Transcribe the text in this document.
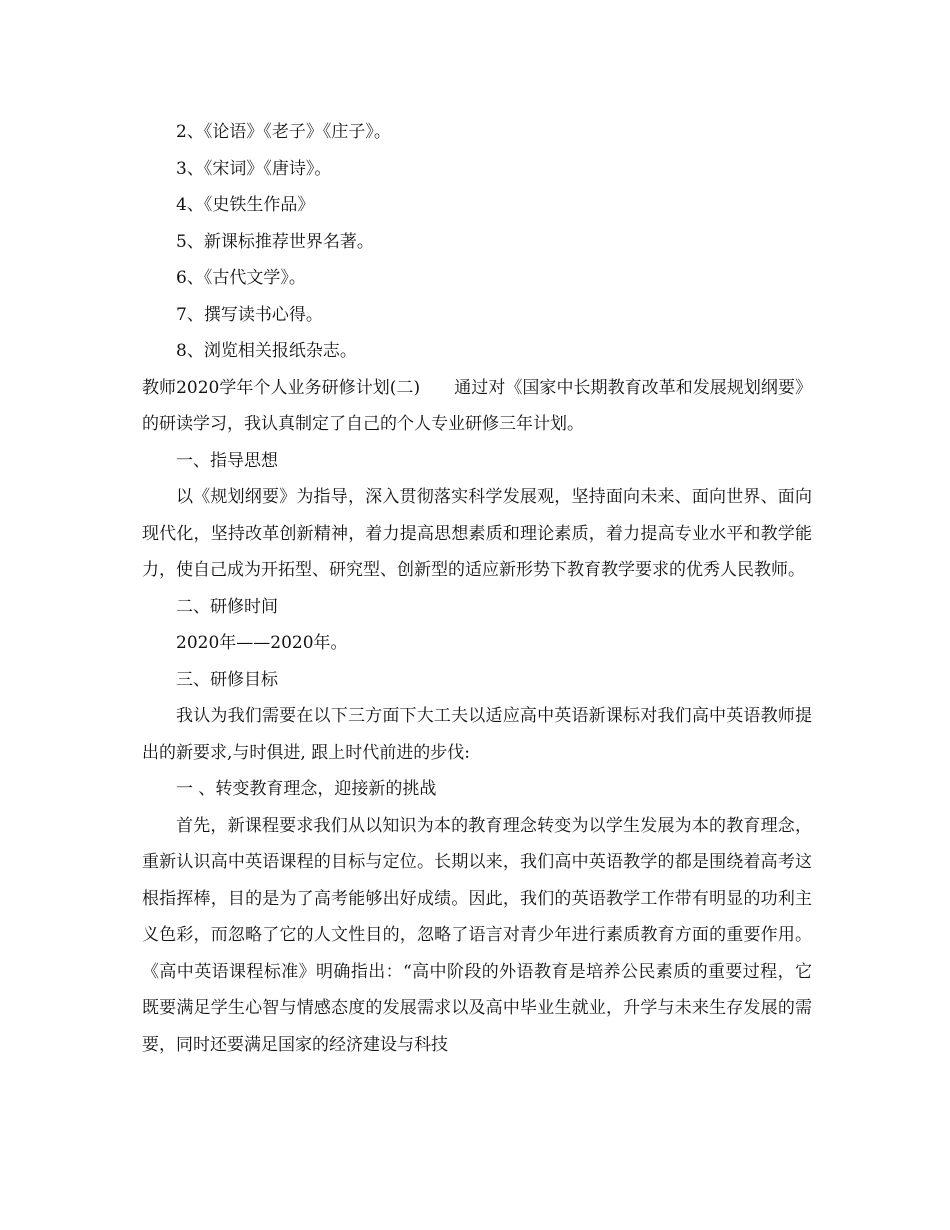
2、《论语》《老子》《庄子》。

3、《宋词》《唐诗》。

4、《史铁生作品》

5、新课标推荐世界名著。

6、《古代文学》。

7、撰写读书心得。

8、浏览相关报纸杂志。

教师2020学年个人业务研修计划(二)　　通过对《国家中长期教育改革和发展规划纲要》的研读学习，我认真制定了自己的个人专业研修三年计划。

一、指导思想

以《规划纲要》为指导，深入贯彻落实科学发展观，坚持面向未来、面向世界、面向现代化，坚持改革创新精神，着力提高思想素质和理论素质，着力提高专业水平和教学能力，使自己成为开拓型、研究型、创新型的适应新形势下教育教学要求的优秀人民教师。

二、研修时间

2020年——2020年。

三、研修目标

我认为我们需要在以下三方面下大工夫以适应高中英语新课标对我们高中英语教师提出的新要求,与时俱进, 跟上时代前进的步伐:

一 、转变教育理念，迎接新的挑战

首先，新课程要求我们从以知识为本的教育理念转变为以学生发展为本的教育理念，重新认识高中英语课程的目标与定位。长期以来，我们高中英语教学的都是围绕着高考这根指挥棒，目的是为了高考能够出好成绩。因此，我们的英语教学工作带有明显的功利主义色彩，而忽略了它的人文性目的，忽略了语言对青少年进行素质教育方面的重要作用。《高中英语课程标准》明确指出：“高中阶段的外语教育是培养公民素质的重要过程，它既要满足学生心智与情感态度的发展需求以及高中毕业生就业，升学与未来生存发展的需要，同时还要满足国家的经济建设与科技
